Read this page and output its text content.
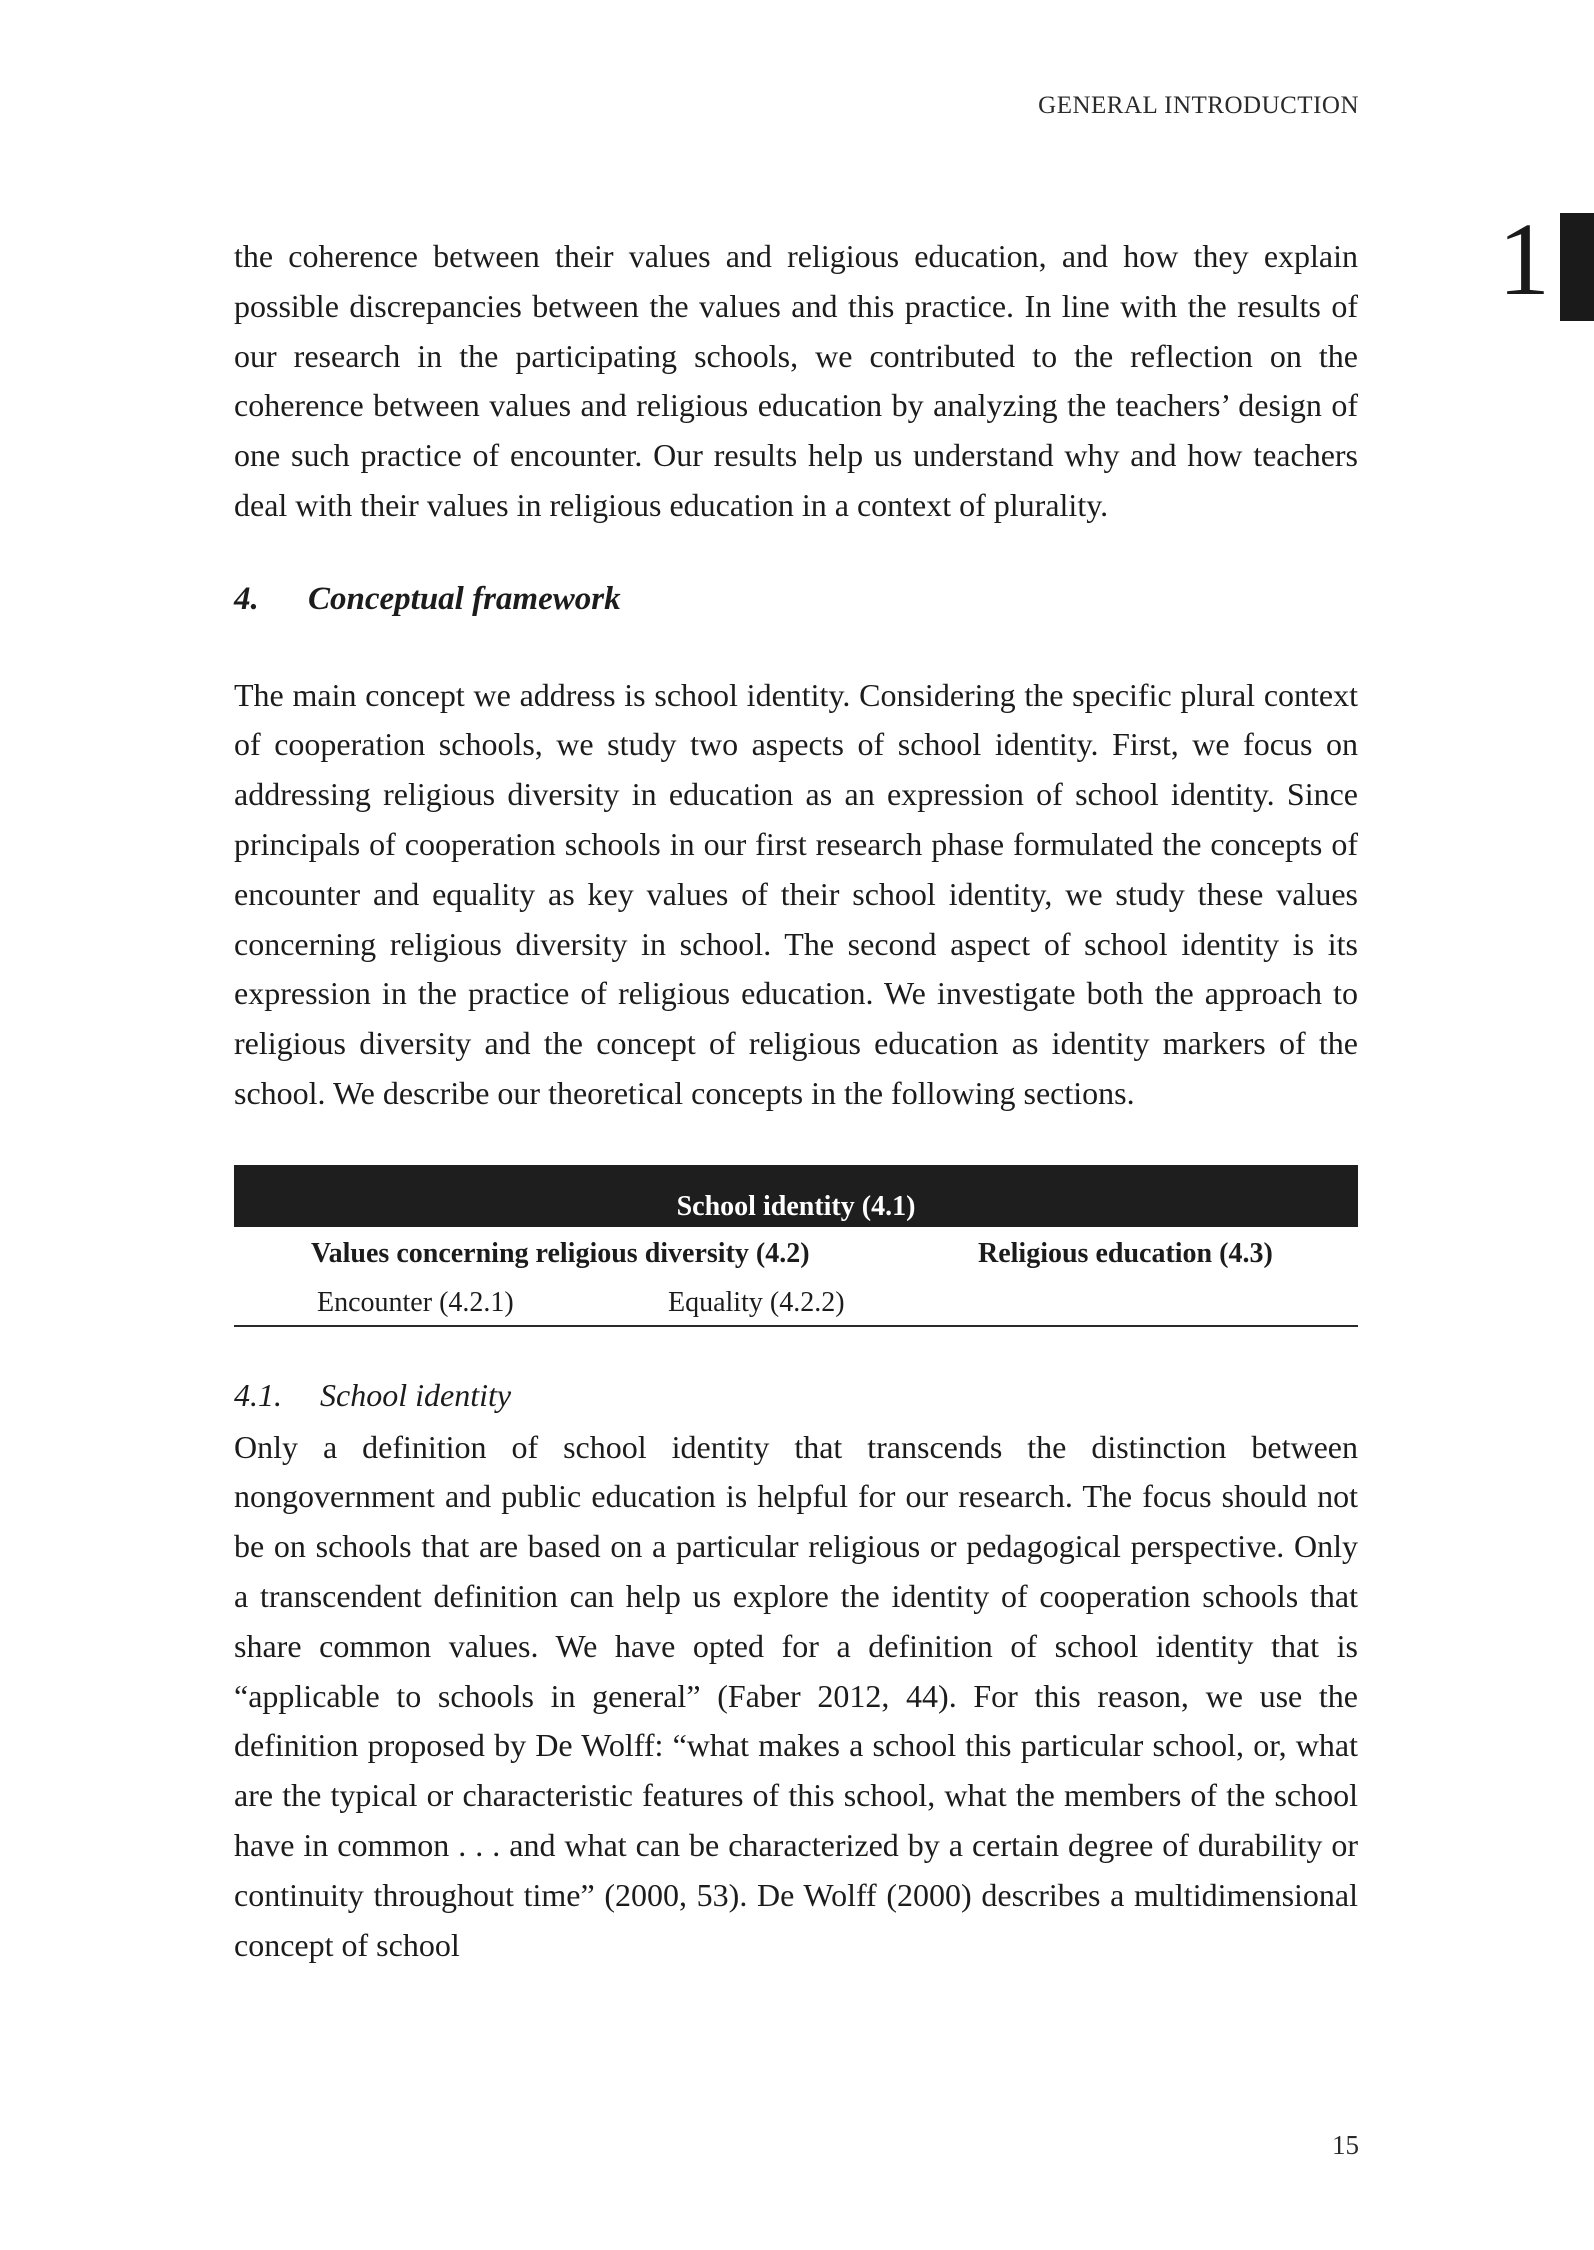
GENERAL INTRODUCTION
1

the coherence between their values and religious education, and how they explain possible discrepancies between the values and this practice. In line with the results of our research in the participating schools, we contributed to the reflection on the coherence between values and religious education by analyzing the teachers’ design of one such practice of encounter. Our results help us understand why and how teachers deal with their values in religious education in a context of plurality.

4.	Conceptual framework

The main concept we address is school identity. Considering the specific plural context of cooperation schools, we study two aspects of school identity. First, we focus on addressing religious diversity in education as an expression of school identity. Since principals of cooperation schools in our first research phase formulated the concepts of encounter and equality as key values of their school identity, we study these values concerning religious diversity in school. The second aspect of school identity is its expression in the practice of religious education. We investigate both the approach to religious diversity and the concept of religious education as identity markers of the school. We describe our theoretical concepts in the following sections.

School identity (4.1)
Values concerning religious diversity (4.2)	Religious education (4.3)
Encounter (4.2.1)	Equality (4.2.2)
4.1.	School identity

Only a definition of school identity that transcends the distinction between nongovernment and public education is helpful for our research. The focus should not be on schools that are based on a particular religious or pedagogical perspective. Only a transcendent definition can help us explore the identity of cooperation schools that share common values. We have opted for a definition of school identity that is “applicable to schools in general” (Faber 2012, 44). For this reason, we use the definition proposed by De Wolff: “what makes a school this particular school, or, what are the typical or characteristic features of this school, what the members of the school have in common . . . and what can be characterized by a certain degree of durability or continuity throughout time” (2000, 53). De Wolff (2000) describes a multidimensional concept of school

15
